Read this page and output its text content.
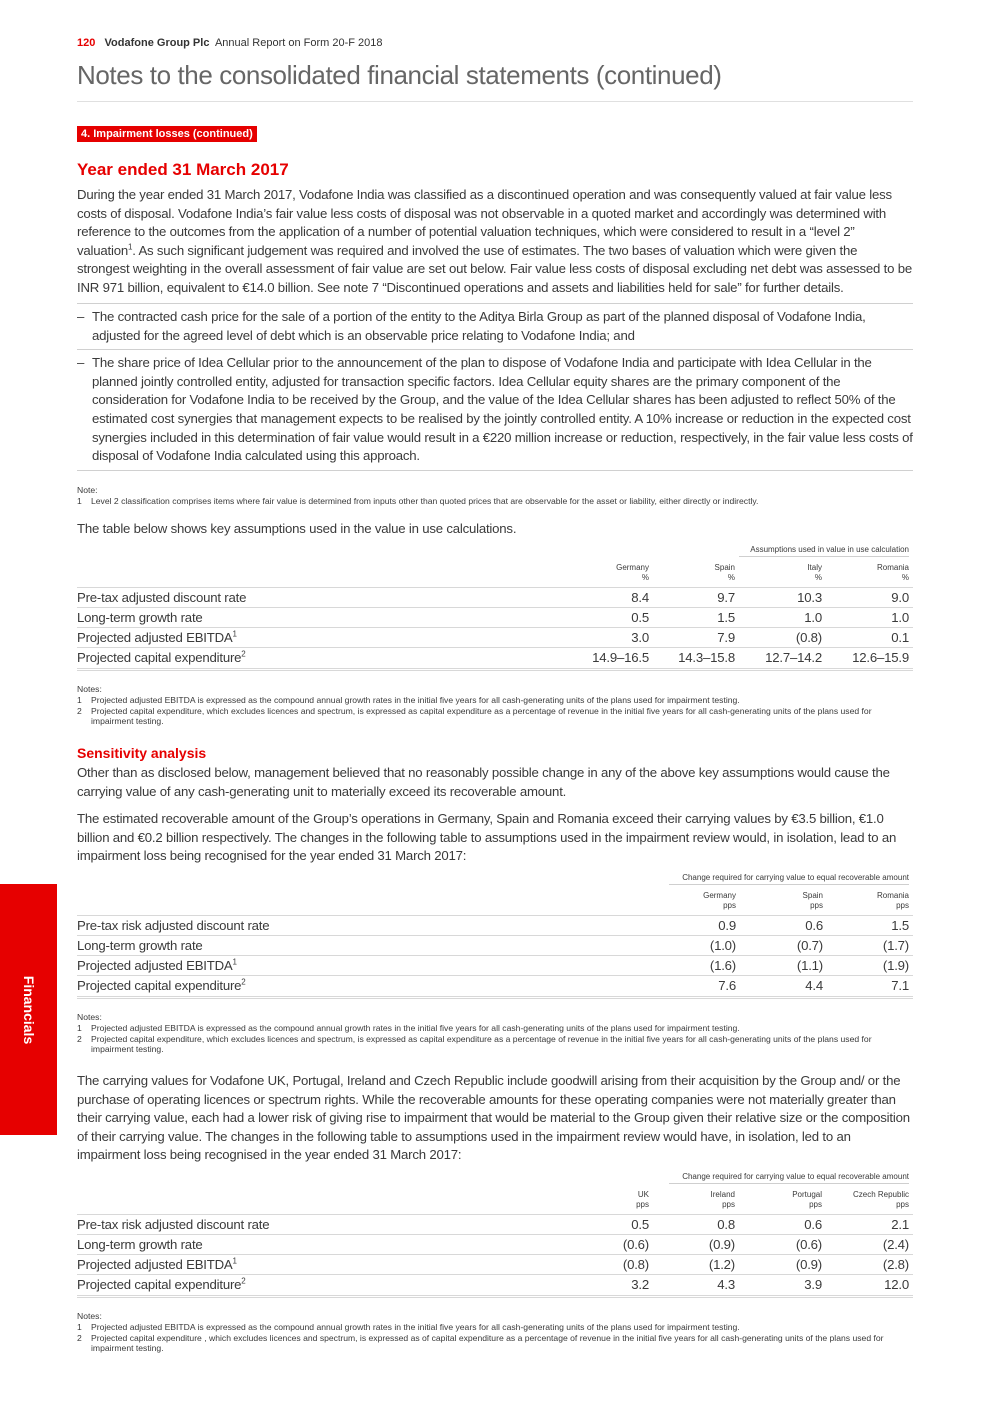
Financials
120 Vodafone Group Plc Annual Report on Form 20-F 2018
Notes to the consolidated financial statements (continued)
4. Impairment losses (continued)
Year ended 31 March 2017

During the year ended 31 March 2017, Vodafone India was classified as a discontinued operation and was consequently valued at fair value less costs of disposal. Vodafone India’s fair value less costs of disposal was not observable in a quoted market and accordingly was determined with reference to the outcomes from the application of a number of potential valuation techniques, which were considered to result in a “level 2” valuation$^1$. As such significant judgement was required and involved the use of estimates. The two bases of valuation which were given the strongest weighting in the overall assessment of fair value are set out below. Fair value less costs of disposal excluding net debt was assessed to be INR 971 billion, equivalent to €14.0 billion. See note 7 “Discontinued operations and assets and liabilities held for sale” for further details.

– The contracted cash price for the sale of a portion of the entity to the Aditya Birla Group as part of the planned disposal of Vodafone India, adjusted for the agreed level of debt which is an observable price relating to Vodafone India; and
– The share price of Idea Cellular prior to the announcement of the plan to dispose of Vodafone India and participate with Idea Cellular in the planned jointly controlled entity, adjusted for transaction specific factors. Idea Cellular equity shares are the primary component of the consideration for Vodafone India to be received by the Group, and the value of the Idea Cellular shares has been adjusted to reflect 50% of the estimated cost synergies that management expects to be realised by the jointly controlled entity. A 10% increase or reduction in the expected cost synergies included in this determination of fair value would result in a €220 million increase or reduction, respectively, in the fair value less costs of disposal of Vodafone India calculated using this approach.
Note:
1	Level 2 classification comprises items where fair value is determined from inputs other than quoted prices that are observable for the asset or liability, either directly or indirectly.
The table below shows key assumptions used in the value in use calculations.
Assumptions used in value in use calculation
Germany
%
Spain
%
Italy
%
Romania
%
Pre-tax adjusted discount rate	8.4	9.7	10.3	9.0
Long-term growth rate	0.5	1.5	1.0	1.0
Projected adjusted EBITDA$^1$	3.0	7.9	(0.8)	0.1
Projected capital expenditure$^2$	14.9–16.5 14.3–15.8 12.7–14.2 12.6–15.9
Notes:
1	Projected adjusted EBITDA is expressed as the compound annual growth rates in the initial five years for all cash-generating units of the plans used for impairment testing.
2	Projected capital expenditure, which excludes licences and spectrum, is expressed as capital expenditure as a percentage of revenue in the initial five years for all cash-generating units of the plans used for impairment testing.
Sensitivity analysis

Other than as disclosed below, management believed that no reasonably possible change in any of the above key assumptions would cause the carrying value of any cash-generating unit to materially exceed its recoverable amount.

The estimated recoverable amount of the Group’s operations in Germany, Spain and Romania exceed their carrying values by €3.5 billion, €1.0 billion and €0.2 billion respectively. The changes in the following table to assumptions used in the impairment review would, in isolation, lead to an impairment loss being recognised for the year ended 31 March 2017:

Change required for carrying value to equal recoverable amount
Germany
pps
Spain
pps
Romania
pps
Pre-tax risk adjusted discount rate	0.9	0.6	1.5
Long-term growth rate	(1.0)	(0.7)	(1.7)
Projected adjusted EBITDA$^1$	(1.6)	(1.1)	(1.9)
Projected capital expenditure$^2$	7.6	4.4	7.1
Notes:
1	Projected adjusted EBITDA is expressed as the compound annual growth rates in the initial five years for all cash-generating units of the plans used for impairment testing.
2	Projected capital expenditure, which excludes licences and spectrum, is expressed as capital expenditure as a percentage of revenue in the initial five years for all cash-generating units of the plans used for impairment testing.

The carrying values for Vodafone UK, Portugal, Ireland and Czech Republic include goodwill arising from their acquisition by the Group and/ or the purchase of operating licences or spectrum rights. While the recoverable amounts for these operating companies were not materially greater than their carrying value, each had a lower risk of giving rise to impairment that would be material to the Group given their relative size or the composition of their carrying value. The changes in the following table to assumptions used in the impairment review would have, in isolation, led to an impairment loss being recognised in the year ended 31 March 2017:

Change required for carrying value to equal recoverable amount
UK
pps
Ireland
pps
Portugal
pps
Czech Republic
pps
Pre-tax risk adjusted discount rate	0.5	0.8	0.6	2.1
Long-term growth rate	(0.6)	(0.9)	(0.6)	(2.4)
Projected adjusted EBITDA$^1$	(0.8)	(1.2)	(0.9)	(2.8)
Projected capital expenditure$^2$	3.2	4.3	3.9	12.0
Notes:
1	Projected adjusted EBITDA is expressed as the compound annual growth rates in the initial five years for all cash-generating units of the plans used for impairment testing.
2	Projected capital expenditure , which excludes licences and spectrum, is expressed as of capital expenditure as a percentage of revenue in the initial five years for all cash-generating units of the plans used for impairment testing.
